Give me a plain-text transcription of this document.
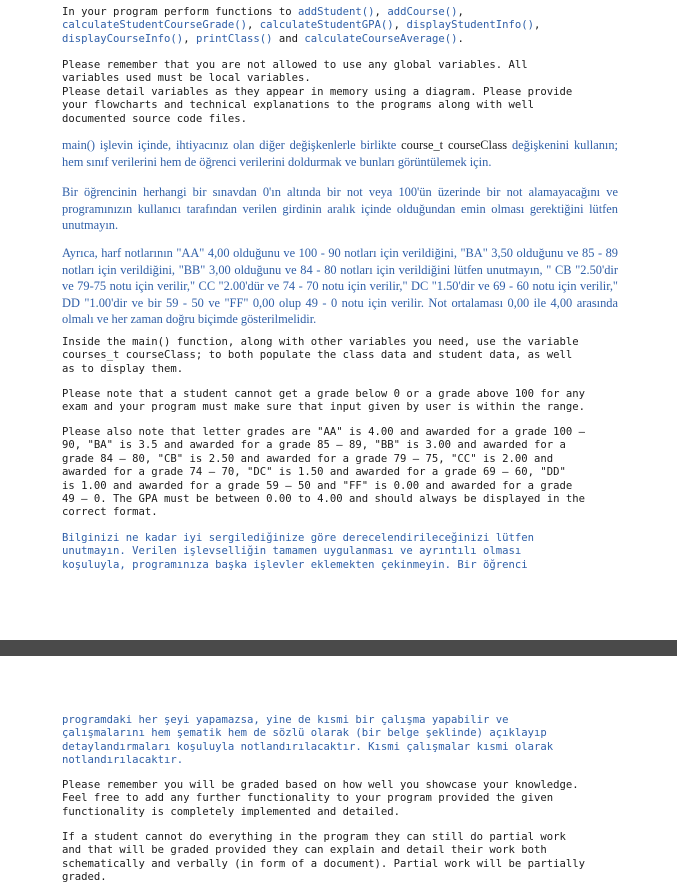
In your program perform functions to addStudent(), addCourse(),
calculateStudentCourseGrade(), calculateStudentGPA(), displayStudentInfo(),
displayCourseInfo(), printClass() and calculateCourseAverage().

Please remember that you are not allowed to use any global variables. All
variables used must be local variables.
Please detail variables as they appear in memory using a diagram. Please provide
your flowcharts and technical explanations to the programs along with well
documented source code files.

main() işlevin içinde, ihtiyacınız olan diğer değişkenlerle birlikte course_t courseClass değişkenini kullanın; hem sınıf verilerini hem de öğrenci verilerini doldurmak ve bunları görüntülemek için.

Bir öğrencinin herhangi bir sınavdan 0'ın altında bir not veya 100'ün üzerinde bir not alamayacağını ve programınızın kullanıcı tarafından verilen girdinin aralık içinde olduğundan emin olması gerektiğini lütfen unutmayın.

Ayrıca, harf notlarının "AA" 4,00 olduğunu ve 100 - 90 notları için verildiğini, "BA" 3,50 olduğunu ve 85 - 89 notları için verildiğini, "BB" 3,00 olduğunu ve 84 - 80 notları için verildiğini lütfen unutmayın, " CB "2.50'dir ve 79-75 notu için verilir," CC "2.00'dür ve 74 - 70 notu için verilir," DC "1.50'dir ve 69 - 60 notu için verilir," DD "1.00'dir ve bir 59 - 50 ve "FF" 0,00 olup 49 - 0 notu için verilir. Not ortalaması 0,00 ile 4,00 arasında olmalı ve her zaman doğru biçimde gösterilmelidir.

Inside the main() function, along with other variables you need, use the variable
courses_t courseClass; to both populate the class data and student data, as well
as to display them.

Please note that a student cannot get a grade below 0 or a grade above 100 for any
exam and your program must make sure that input given by user is within the range.

Please also note that letter grades are "AA" is 4.00 and awarded for a grade 100 –
90, "BA" is 3.5 and awarded for a grade 85 – 89, "BB" is 3.00 and awarded for a
grade 84 – 80, "CB" is 2.50 and awarded for a grade 79 – 75, "CC" is 2.00 and
awarded for a grade 74 – 70, "DC" is 1.50 and awarded for a grade 69 – 60, "DD"
is 1.00 and awarded for a grade 59 – 50 and "FF" is 0.00 and awarded for a grade
49 – 0. The GPA must be between 0.00 to 4.00 and should always be displayed in the
correct format.

Bilginizi ne kadar iyi sergilediğinize göre derecelendirileceğinizi lütfen
unutmayın. Verilen işlevselliğin tamamen uygulanması ve ayrıntılı olması
koşuluyla, programınıza başka işlevler eklemekten çekinmeyin. Bir öğrenci

programdaki her şeyi yapamazsa, yine de kısmi bir çalışma yapabilir ve
çalışmalarını hem şematik hem de sözlü olarak (bir belge şeklinde) açıklayıp
detaylandırmaları koşuluyla notlandırılacaktır. Kısmi çalışmalar kısmi olarak
notlandırılacaktır.

Please remember you will be graded based on how well you showcase your knowledge.
Feel free to add any further functionality to your program provided the given
functionality is completely implemented and detailed.

If a student cannot do everything in the program they can still do partial work
and that will be graded provided they can explain and detail their work both
schematically and verbally (in form of a document). Partial work will be partially
graded.
